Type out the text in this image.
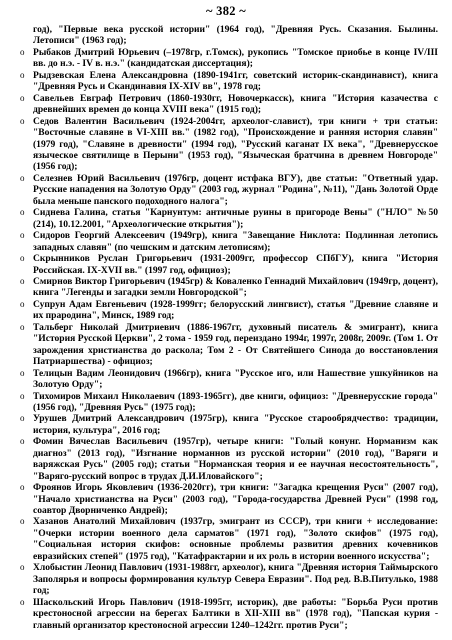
~ 382 ~
год), "Первые века русской истории" (1964 год), "Древняя Русь. Сказания. Былины. Летописи" (1963 год);
o Рыбаков Дмитрий Юрьевич (–1978гр, г.Томск), рукопись "Томское приобье в конце IV/III вв. до н.э. - IV в. н.э." (кандидатская диссертация);
o Рыдзевская Елена Александровна (1890-1941гг, советский историк-скандинавист), книга "Древняя Русь и Скандинавия IX-XIV вв", 1978 год;
o Савельев Евграф Петрович (1860-1930гг, Новочеркасск), книга "История казачества с древнейших времен до конца XVIII века" (1915 год);
o Седов Валентин Васильевич (1924-2004гг, археолог-славист), три книги + три статьи: "Восточные славяне в VI-XIII вв." (1982 год), "Происхождение и ранняя история славян" (1979 год), "Славяне в древности" (1994 год), "Русский каганат IX века", "Древнерусское языческое святилище в Перыни" (1953 год), "Языческая братчина в древнем Новгороде" (1956 год);
o Селезнев Юрий Васильевич (1976гр, доцент истфака ВГУ), две статьи: "Ответный удар. Русские нападения на Золотую Орду" (2003 год, журнал "Родина", №11), "Дань Золотой Орде была меньше панского подоходного налога";
o Сиднева Галина, статья "Карнунтум: античные руины в пригороде Вены" ("НЛО" №50 (214), 10.12.2001, "Археологические открытия");
o Сидоров Георгий Алексеевич (1949гр), книга "Завещание Никлота: Подлинная летопись западных славян" (по чешским и датским летописям);
o Скрынников Руслан Григорьевич (1931-2009гг, профессор СПбГУ), книга "История Российская. IX-XVII вв." (1997 год, официоз);
o Смирнов Виктор Григорьевич (1945гр) & Коваленко Геннадий Михайлович (1949гр, доцент), книга "Легенды и загадки земли Новгородской";
o Супрун Адам Евгеньевич (1928-1999гг; белорусский лингвист), статья "Древние славяне и их прародина", Минск, 1989 год;
o Тальберг Николай Дмитриевич (1886-1967гг, духовный писатель & эмигрант), книга "История Русской Церкви", 2 тома - 1959 год, переиздано 1994г, 1997г, 2008г, 2009г. (Том 1. От зарождения христианства до раскола; Том 2 - От Святейшего Синода до восстановления Патриаршества) - официоз;
o Телицын Вадим Леонидович (1966гр), книга "Русское иго, или Нашествие ушкуйников на Золотую Орду";
o Тихомиров Михаил Николаевич (1893-1965гг), две книги, официоз: "Древнерусские города" (1956 год), "Древняя Русь" (1975 год);
o Урушев Дмитрий Александрович (1975гр), книга "Русское старообрядчество: традиции, история, культура", 2016 год;
o Фомин Вячеслав Васильевич (1957гр), четыре книги: "Голый конунг. Норманизм как диагноз" (2013 год), "Изгнание норманнов из русской истории" (2010 год), "Варяги и варяжская Русь" (2005 год); статьи "Норманская теория и ее научная несостоятельность", "Варяго-русский вопрос в трудах Д.И.Иловайского";
o Фроянов Игорь Яковлевич (1936-2020гг), три книги: "Загадка крещения Руси" (2007 год), "Начало христианства на Руси" (2003 год), "Города-государства Древней Руси" (1998 год, соавтор Дворниченко Андрей);
o Хазанов Анатолий Михайлович (1937гр, эмигрант из СССР), три книги + исследование: "Очерки истории военного дела сарматов" (1971 год), "Золото скифов" (1975 год), "Социальная история скифов: основные проблемы развития древних кочевников евразийских степей" (1975 год), "Катафрактарии и их роль в истории военного искусства";
o Хлобыстин Леонид Павлович (1931-1988гг, археолог), книга "Древняя история Таймырского Заполярья и вопросы формирования культур Севера Евразии". Под ред. В.В.Питулько, 1988 год;
o Шаскольский Игорь Павлович (1918-1995гг, историк), две работы: "Борьба Руси против крестоносной агрессии на берегах Балтики в XII-XIII вв" (1978 год), "Папская курия - главный организатор крестоносной агрессии 1240–1242гг. против Руси";
